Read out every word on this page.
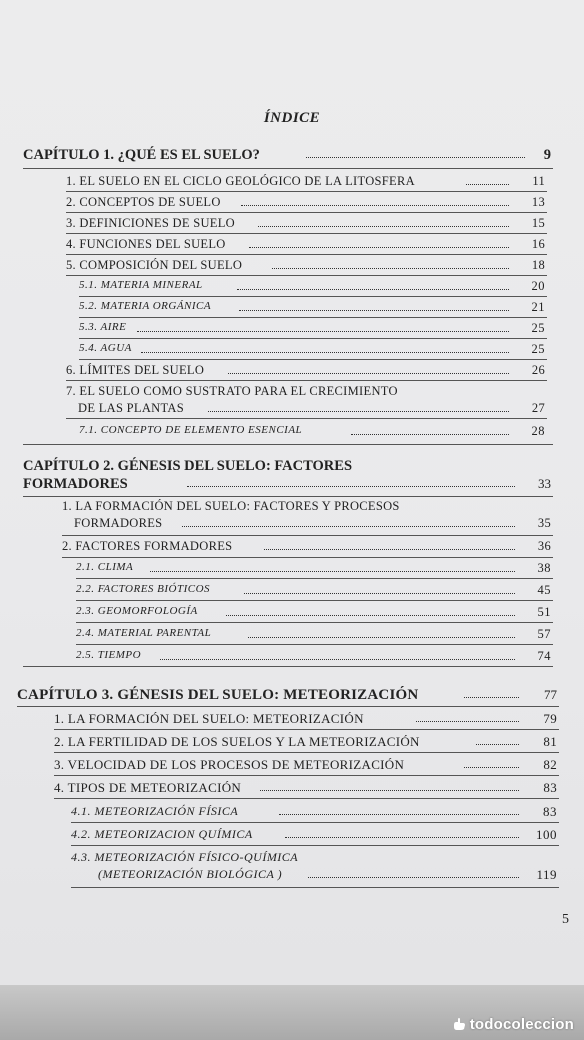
ÍNDICE
CAPÍTULO 1. ¿QUÉ ES EL SUELO?	9
1. EL SUELO EN EL CICLO GEOLÓGICO DE LA LITOSFERA	11
2. CONCEPTOS DE SUELO	13
3. DEFINICIONES DE SUELO	15
4. FUNCIONES DEL SUELO	16
5. COMPOSICIÓN DEL SUELO	18
5.1. MATERIA MINERAL	20
5.2. MATERIA ORGÁNICA	21
5.3. AIRE	25
5.4. AGUA	25
6. LÍMITES DEL SUELO	26
7. EL SUELO COMO SUSTRATO PARA EL CRECIMIENTO
DE LAS PLANTAS	27
7.1. CONCEPTO DE ELEMENTO ESENCIAL	28
CAPÍTULO 2. GÉNESIS DEL SUELO: FACTORES
FORMADORES	33
1. LA FORMACIÓN DEL SUELO: FACTORES Y PROCESOS
FORMADORES	35
2. FACTORES FORMADORES	36
2.1. CLIMA	38
2.2. FACTORES BIÓTICOS	45
2.3. GEOMORFOLOGÍA	51
2.4. MATERIAL PARENTAL	57
2.5. TIEMPO	74
CAPÍTULO 3. GÉNESIS DEL SUELO: METEORIZACIÓN	77
1. LA FORMACIÓN DEL SUELO: METEORIZACIÓN	79
2. LA FERTILIDAD DE LOS SUELOS Y LA METEORIZACIÓN	81
3. VELOCIDAD DE LOS PROCESOS DE METEORIZACIÓN	82
4. TIPOS DE METEORIZACIÓN	83
4.1. METEORIZACIÓN FÍSICA	83
4.2. METEORIZACION QUÍMICA	100
4.3. METEORIZACIÓN FÍSICO-QUÍMICA
(METEORIZACIÓN BIOLÓGICA )	119
5
todocoleccion
